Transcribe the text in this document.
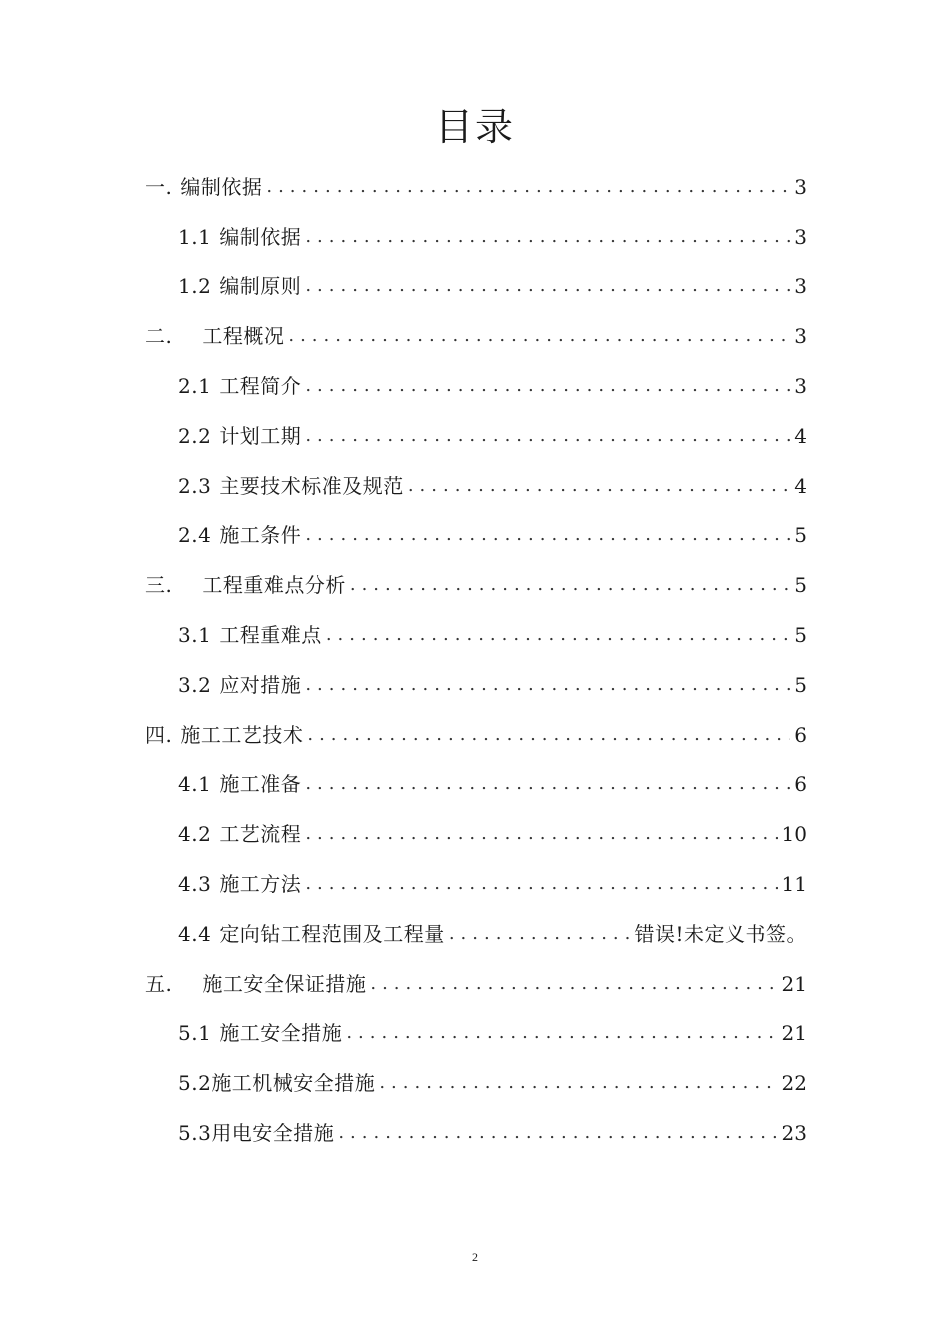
目录
一. 编制依据 .....	3
1.1 编制依据 .....	3
1.2 编制原则 .....	3
二. 工程概况 .....	3
2.1 工程简介 .....	3
2.2 计划工期 .....	4
2.3 主要技术标准及规范 .....	4
2.4 施工条件 .....	5
三. 工程重难点分析 .....	5
3.1 工程重难点 .....	5
3.2 应对措施 .....	5
四. 施工工艺技术 .....	6
4.1 施工准备 .....	6
4.2 工艺流程 .....	10
4.3 施工方法 .....	11
4.4 定向钻工程范围及工程量 .....	错误!未定义书签。
五. 施工安全保证措施 .....	21
5.1 施工安全措施 .....	21
5.2施工机械安全措施 .....	22
5.3用电安全措施 .....	23
2
